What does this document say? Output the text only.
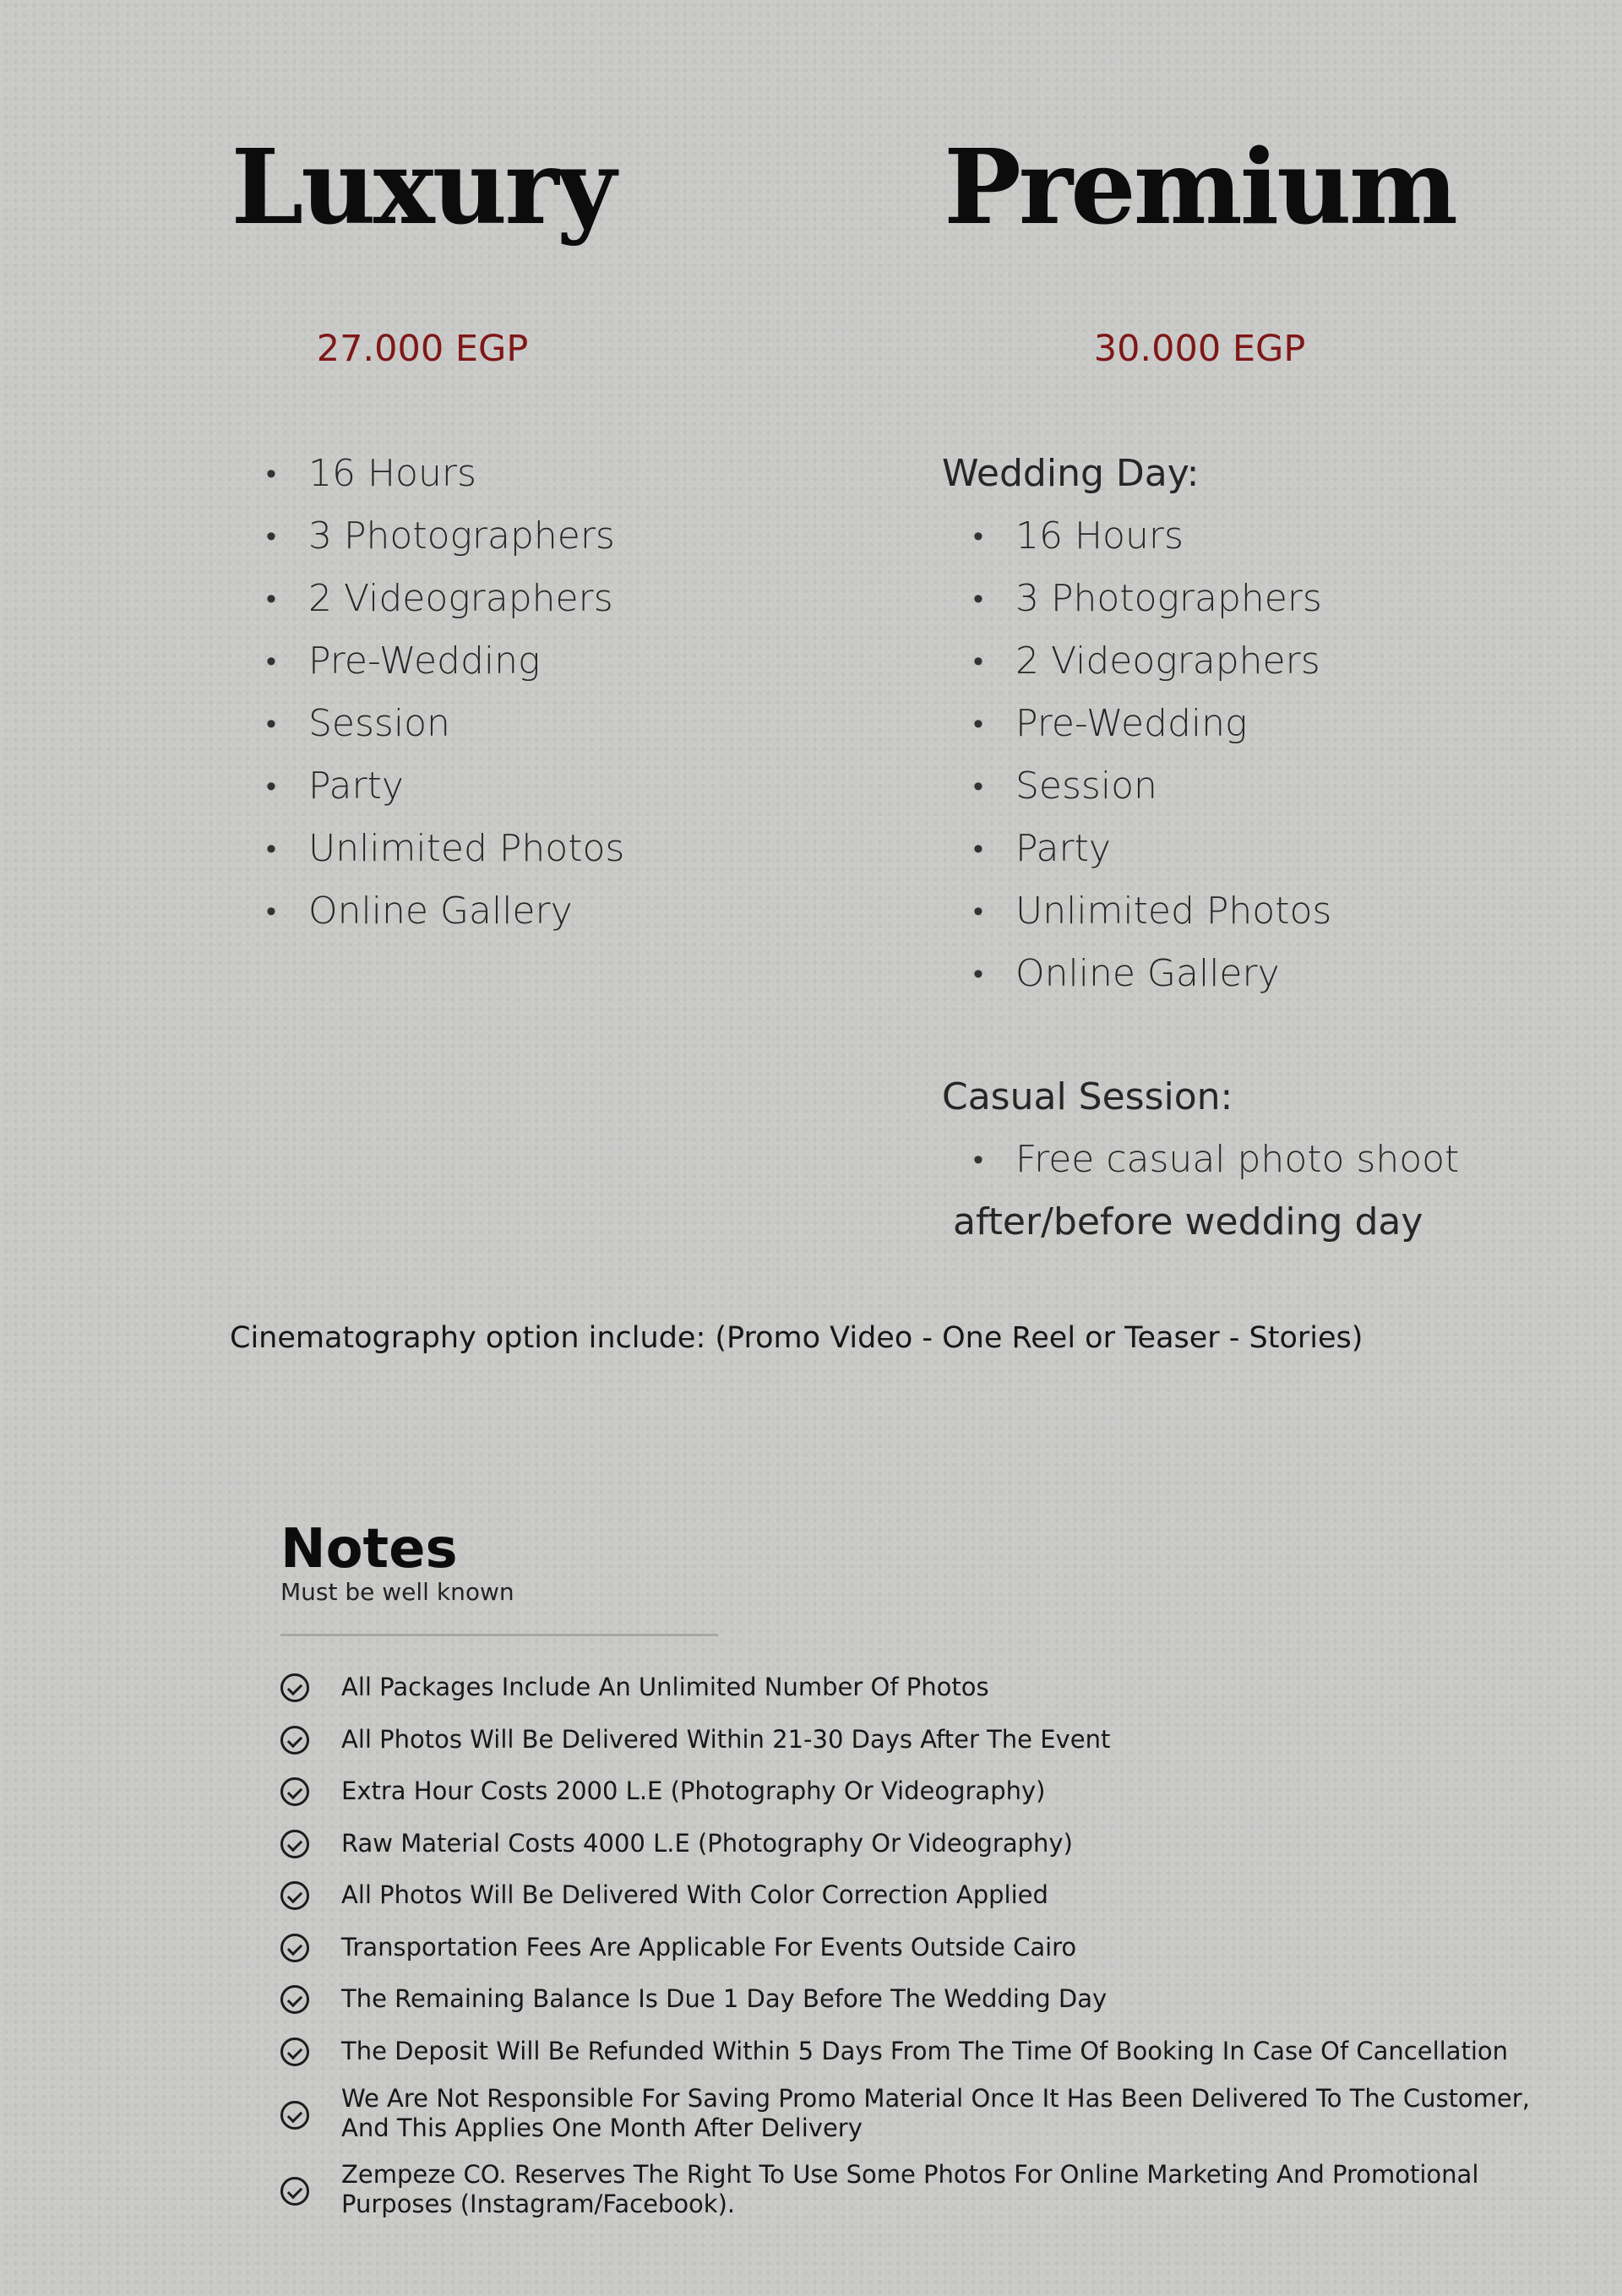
Luxury
27.000 EGP
• 16 Hours
• 3 Photographers
• 2 Videographers
• Pre-Wedding
• Session
• Party
• Unlimited Photos
• Online Gallery
Premium
30.000 EGP
Wedding Day:
• 16 Hours
• 3 Photographers
• 2 Videographers
• Pre-Wedding
• Session
• Party
• Unlimited Photos
• Online Gallery
Casual Session:
• Free casual photo shoot
after/before wedding day
Cinematography option include: (Promo Video - One Reel or Teaser - Stories)
Notes
Must be well known
All Packages Include An Unlimited Number Of Photos
All Photos Will Be Delivered Within 21-30 Days After The Event
Extra Hour Costs 2000 L.E (Photography Or Videography)
Raw Material Costs 4000 L.E (Photography Or Videography)
All Photos Will Be Delivered With Color Correction Applied
Transportation Fees Are Applicable For Events Outside Cairo
The Remaining Balance Is Due 1 Day Before The Wedding Day
The Deposit Will Be Refunded Within 5 Days From The Time Of Booking In Case Of Cancellation
We Are Not Responsible For Saving Promo Material Once It Has Been Delivered To The Customer,
And This Applies One Month After Delivery
Zempeze CO. Reserves The Right To Use Some Photos For Online Marketing And Promotional
Purposes (Instagram/Facebook).
